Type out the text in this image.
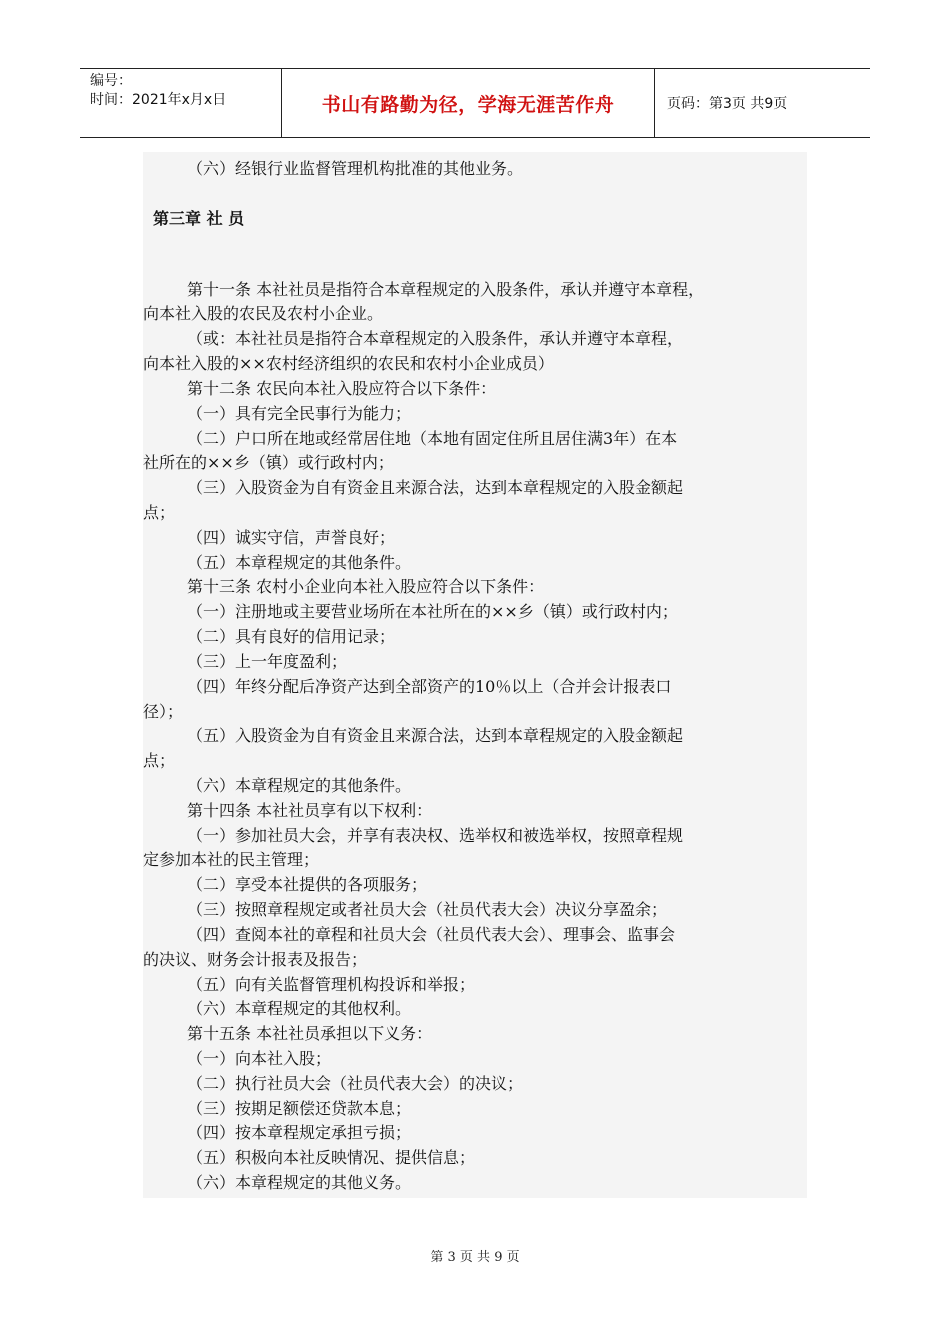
编号：
时间：2021年x月x日	书山有路勤为径，学海无涯苦作舟	页码：第3页 共9页
（六）经银行业监督管理机构批准的其他业务。
第三章 社 员
第十一条 本社社员是指符合本章程规定的入股条件，承认并遵守本章程，
向本社入股的农民及农村小企业。
（或：本社社员是指符合本章程规定的入股条件，承认并遵守本章程，
向本社入股的××农村经济组织的农民和农村小企业成员）
第十二条 农民向本社入股应符合以下条件：
（一）具有完全民事行为能力；
（二）户口所在地或经常居住地（本地有固定住所且居住满3年）在本
社所在的××乡（镇）或行政村内；
（三）入股资金为自有资金且来源合法，达到本章程规定的入股金额起
点；
（四）诚实守信，声誉良好；
（五）本章程规定的其他条件。
第十三条 农村小企业向本社入股应符合以下条件：
（一）注册地或主要营业场所在本社所在的××乡（镇）或行政村内；
（二）具有良好的信用记录；
（三）上一年度盈利；
（四）年终分配后净资产达到全部资产的10％以上（合并会计报表口
径）；
（五）入股资金为自有资金且来源合法，达到本章程规定的入股金额起
点；
（六）本章程规定的其他条件。
第十四条 本社社员享有以下权利：
（一）参加社员大会，并享有表决权、选举权和被选举权，按照章程规
定参加本社的民主管理；
（二）享受本社提供的各项服务；
（三）按照章程规定或者社员大会（社员代表大会）决议分享盈余；
（四）查阅本社的章程和社员大会（社员代表大会）、理事会、监事会
的决议、财务会计报表及报告；
（五）向有关监督管理机构投诉和举报；
（六）本章程规定的其他权利。
第十五条 本社社员承担以下义务：
（一）向本社入股；
（二）执行社员大会（社员代表大会）的决议；
（三）按期足额偿还贷款本息；
（四）按本章程规定承担亏损；
（五）积极向本社反映情况、提供信息；
（六）本章程规定的其他义务。
第 3 页 共 9 页
